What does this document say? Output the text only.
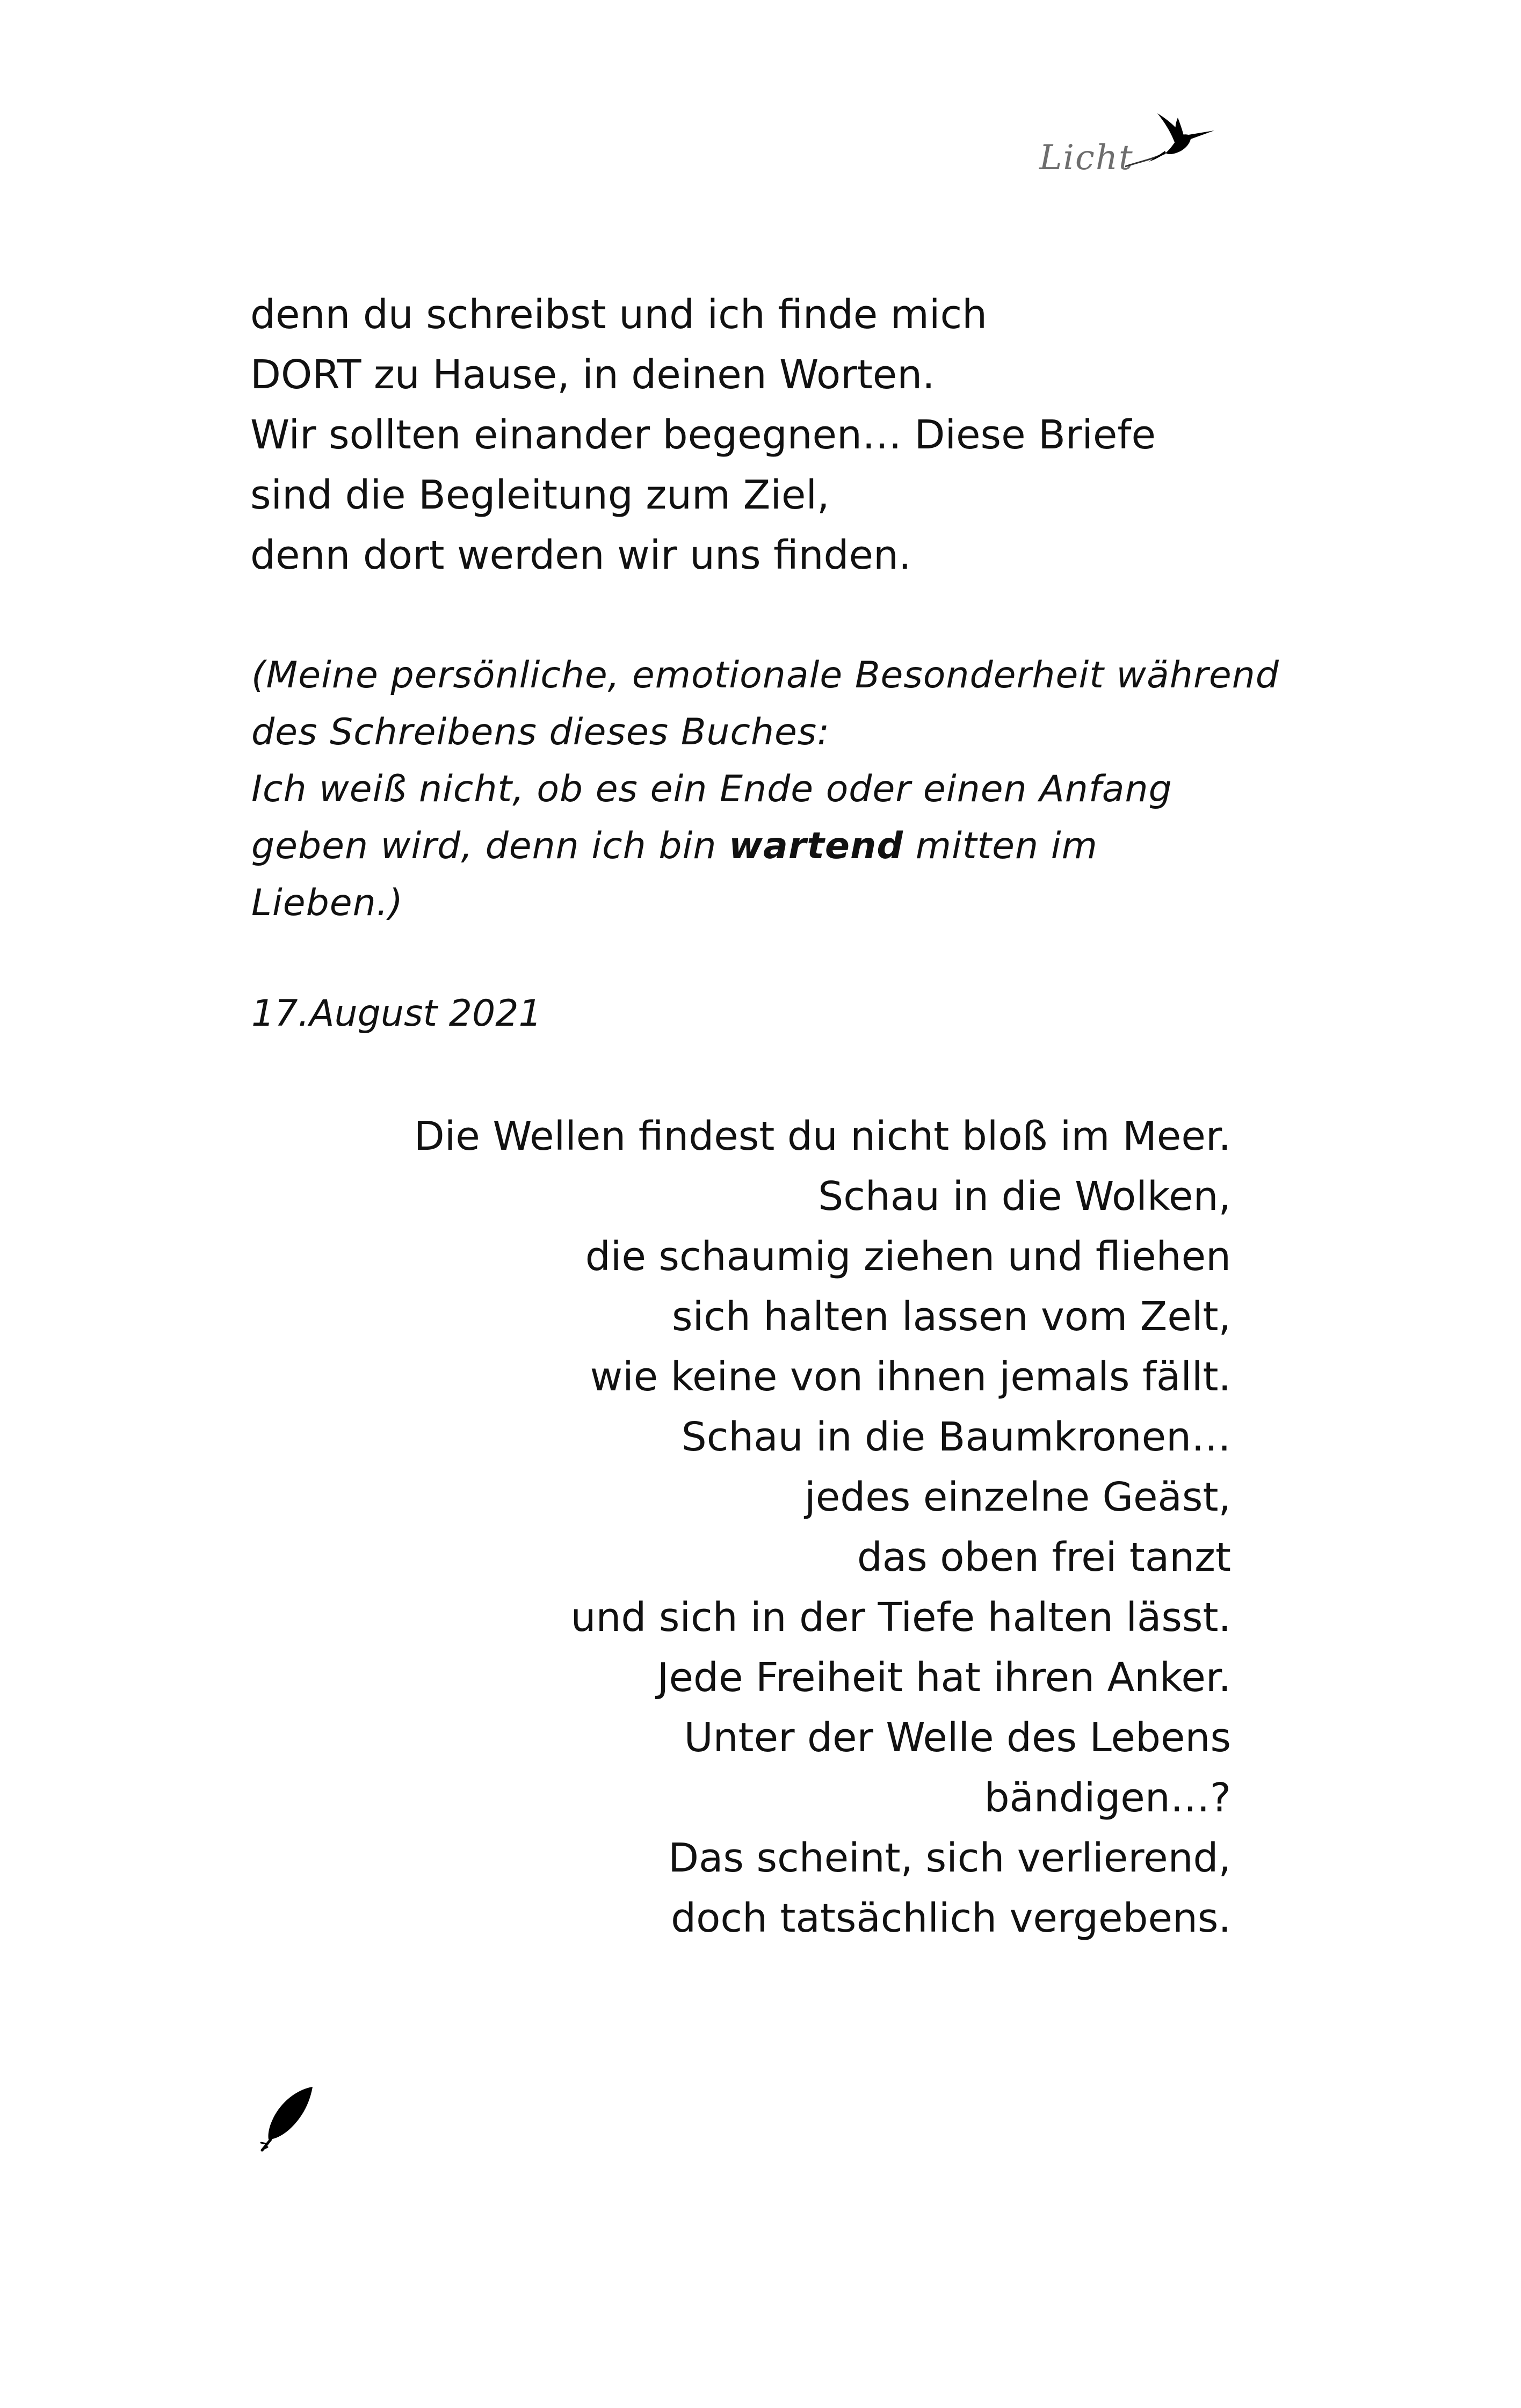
Licht
denn du schreibst und ich finde mich
DORT zu Hause, in deinen Worten.
Wir sollten einander begegnen… Diese Briefe
sind die Begleitung zum Ziel,
denn dort werden wir uns finden.
(Meine persönliche, emotionale Besonderheit während
des Schreibens dieses Buches:
Ich weiß nicht, ob es ein Ende oder einen Anfang
geben wird, denn ich bin wartend mitten im
Lieben.)
17.August 2021
Die Wellen findest du nicht bloß im Meer.
Schau in die Wolken,
die schaumig ziehen und fliehen
sich halten lassen vom Zelt,
wie keine von ihnen jemals fällt.
Schau in die Baumkronen…
jedes einzelne Geäst,
das oben frei tanzt
und sich in der Tiefe halten lässt.
Jede Freiheit hat ihren Anker.
Unter der Welle des Lebens
bändigen…?
Das scheint, sich verlierend,
doch tatsächlich vergebens.
